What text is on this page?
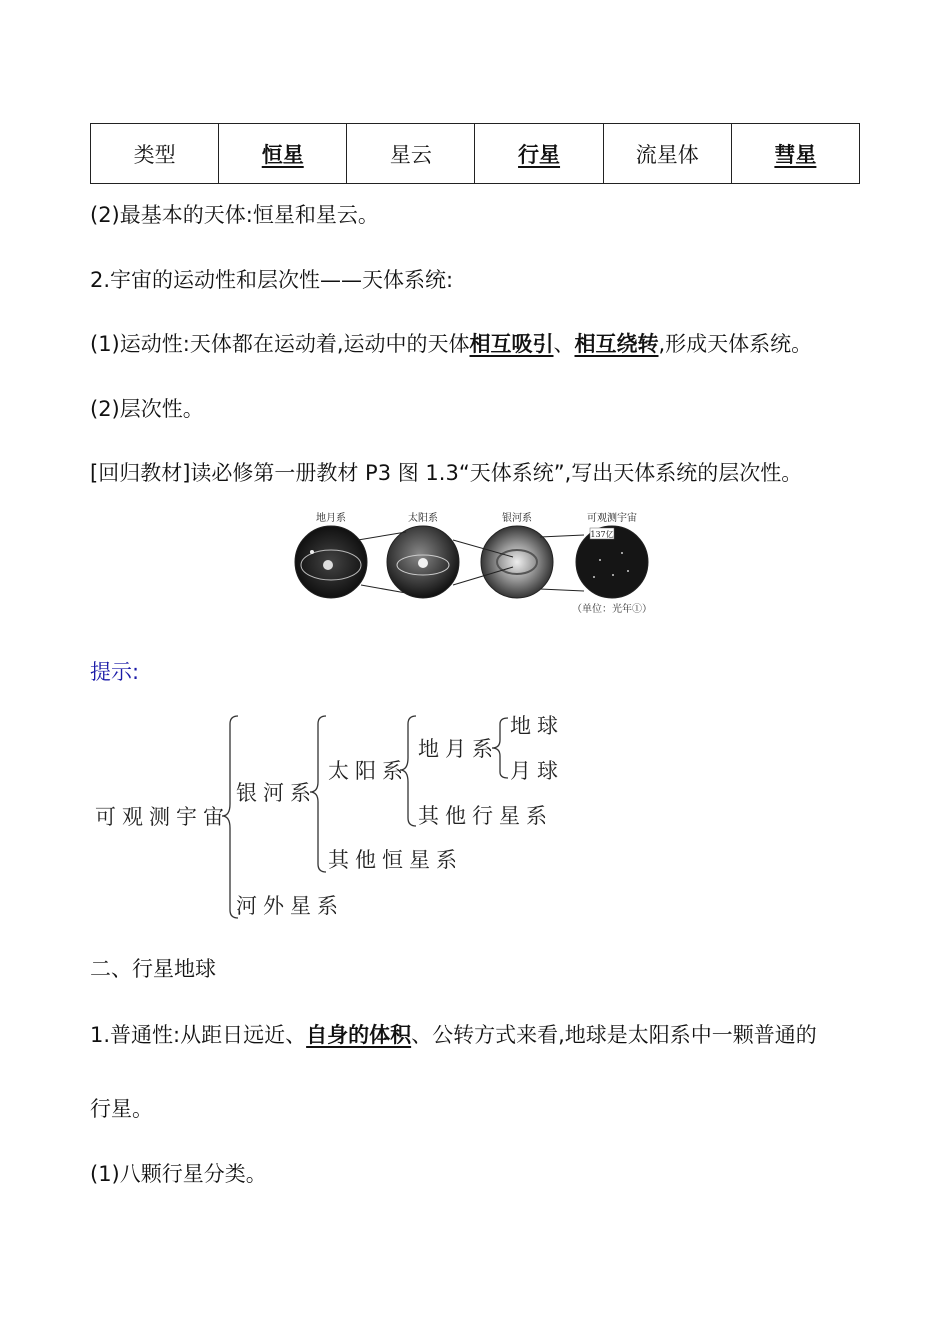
类型	恒星	星云	行星	流星体	彗星
(2)最基本的天体:恒星和星云。
2.宇宙的运动性和层次性——天体系统:
(1)运动性:天体都在运动着,运动中的天体相互吸引、相互绕转,形成天体系统。
(2)层次性。
[回归教材]读必修第一册教材 P3 图 1.3“天体系统”,写出天体系统的层次性。
地月系	太阳系	银河系	可观测宇宙
137亿
（单位：光年①）
提示:
可观测宇宙
银河系
太阳系
地月系
地球
月球
其他行星系
其他恒星系
河外星系
二、行星地球
1.普通性:从距日远近、自身的体积、公转方式来看,地球是太阳系中一颗普通的
行星。
(1)八颗行星分类。
